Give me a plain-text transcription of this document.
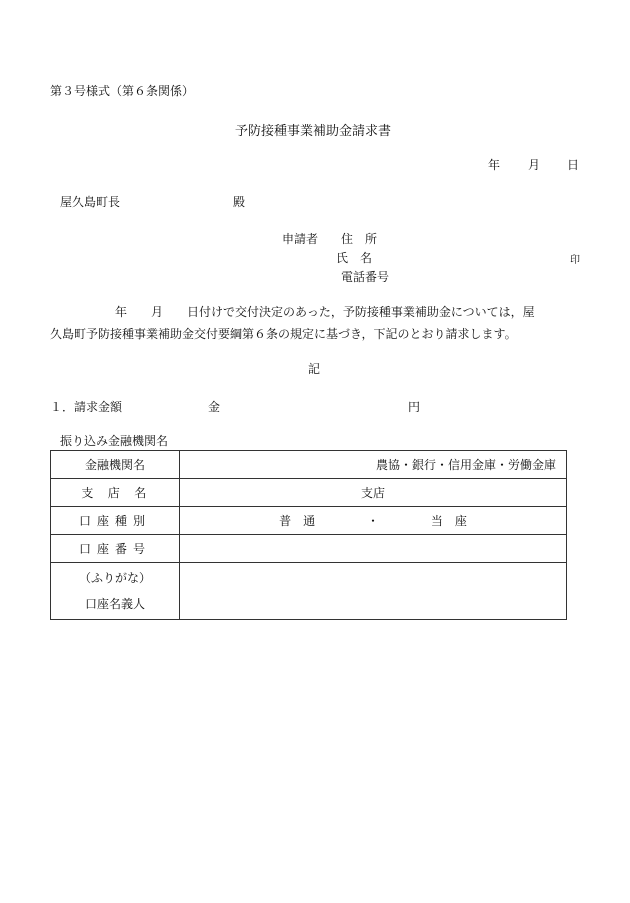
第３号様式（第６条関係）
予防接種事業補助金請求書
年 月 日
屋久島町長	殿
申請者 住　所
氏　名	印
電話番号
年　　月　　日付けで交付決定のあった，予防接種事業補助金については，屋
久島町予防接種事業補助金交付要綱第６条の規定に基づき，下記のとおり請求します。
記
１．請求金額	金	円
振り込み金融機関名
金融機関名	農協・銀行・信用金庫・労働金庫
支店名	支店
口座種別	普　通 ・ 当　座
口座番号	

（ふりがな）
口座名義人	
